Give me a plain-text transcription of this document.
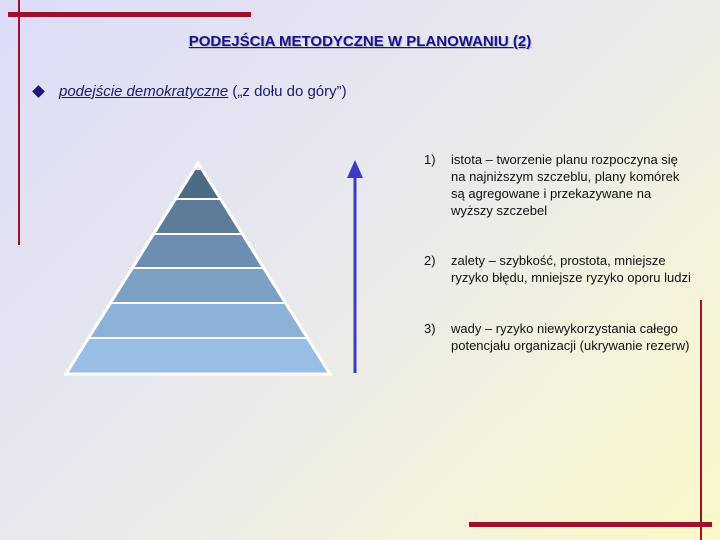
PODEJŚCIA METODYCZNE W PLANOWANIU (2)
podejście demokratyczne („z dołu do góry”)
1)	istota – tworzenie planu rozpoczyna się na najniższym szczeblu, plany komórek są agregowane i przekazywane na wyższy szczebel
2)	zalety – szybkość, prostota, mniejsze ryzyko błędu, mniejsze ryzyko oporu ludzi
3)	wady – ryzyko niewykorzystania całego potencjału organizacji (ukrywanie rezerw)
